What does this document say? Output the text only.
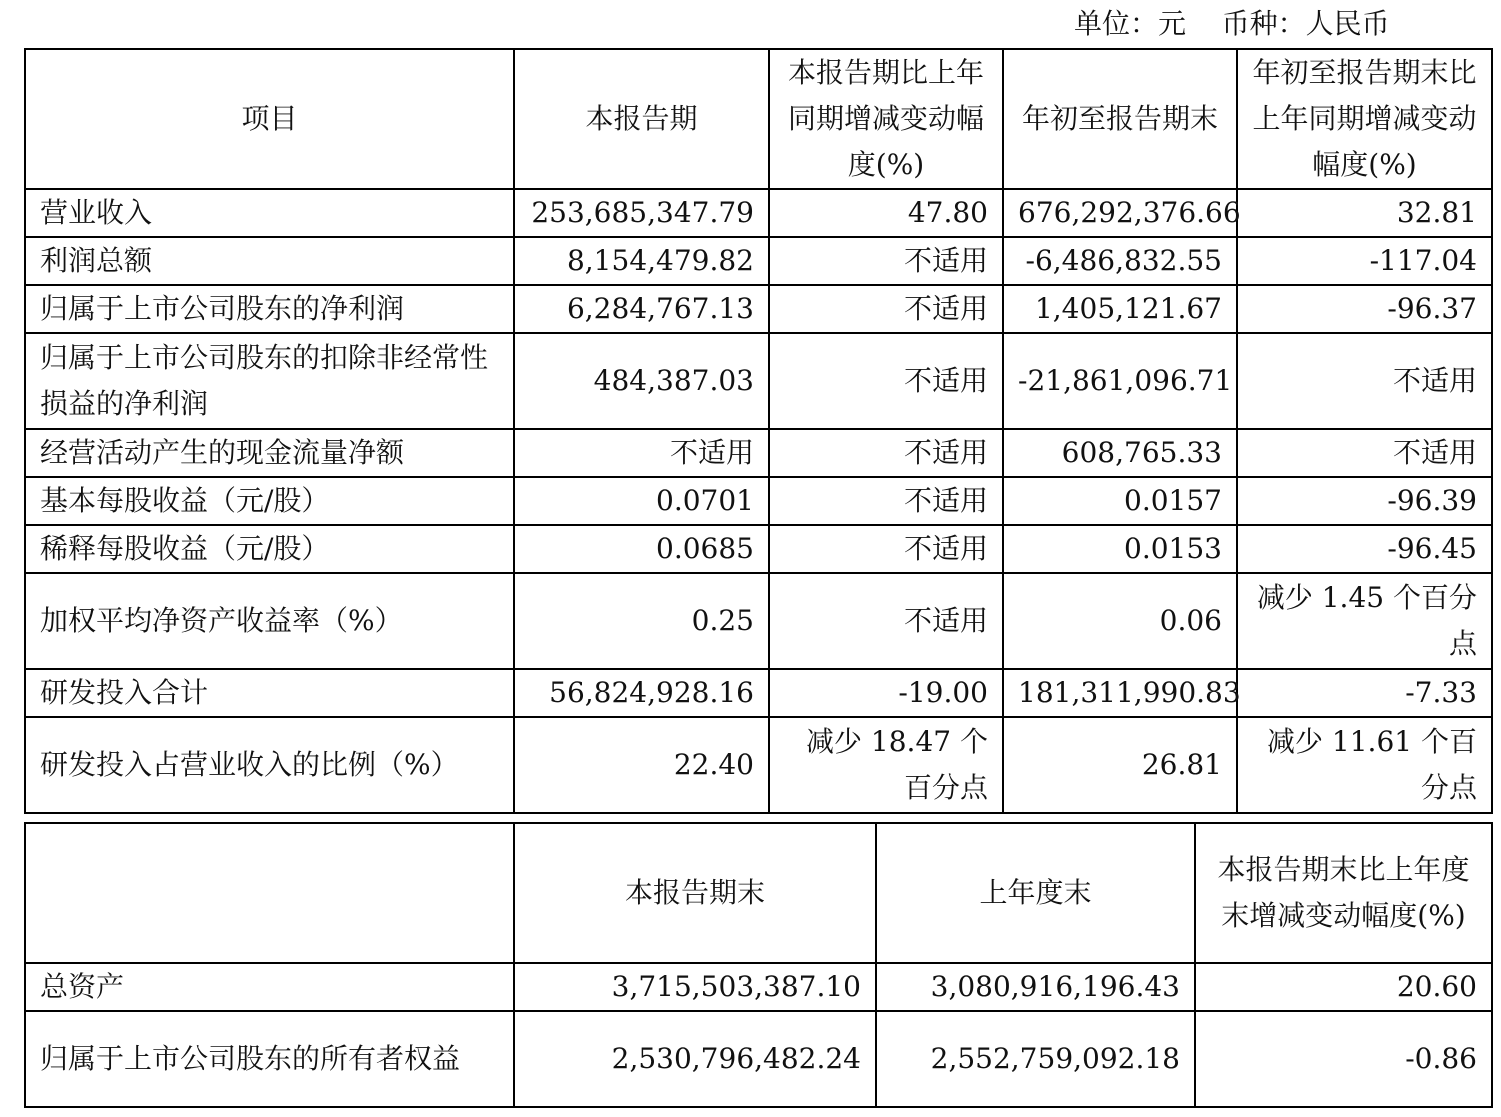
单位：元    币种：人民币
项目	本报告期	本报告期比上年同期增减变动幅度(%)	年初至报告期末	年初至报告期末比上年同期增减变动幅度(%)
营业收入	253,685,347.79	47.80	676,292,376.66	32.81
利润总额	8,154,479.82	不适用	-6,486,832.55	-117.04
归属于上市公司股东的净利润	6,284,767.13	不适用	1,405,121.67	-96.37
归属于上市公司股东的扣除非经常性损益的净利润	484,387.03	不适用	-21,861,096.71	不适用
经营活动产生的现金流量净额	不适用	不适用	608,765.33	不适用
基本每股收益（元/股）	0.0701	不适用	0.0157	-96.39
稀释每股收益（元/股）	0.0685	不适用	0.0153	-96.45
加权平均净资产收益率（%）	0.25	不适用	0.06	减少 1.45 个百分点
研发投入合计	56,824,928.16	-19.00	181,311,990.83	-7.33
研发投入占营业收入的比例（%）	22.40	减少 18.47 个百分点	26.81	减少 11.61 个百分点
	本报告期末	上年度末	本报告期末比上年度末增减变动幅度(%)
总资产	3,715,503,387.10	3,080,916,196.43	20.60
归属于上市公司股东的所有者权益	2,530,796,482.24	2,552,759,092.18	-0.86
